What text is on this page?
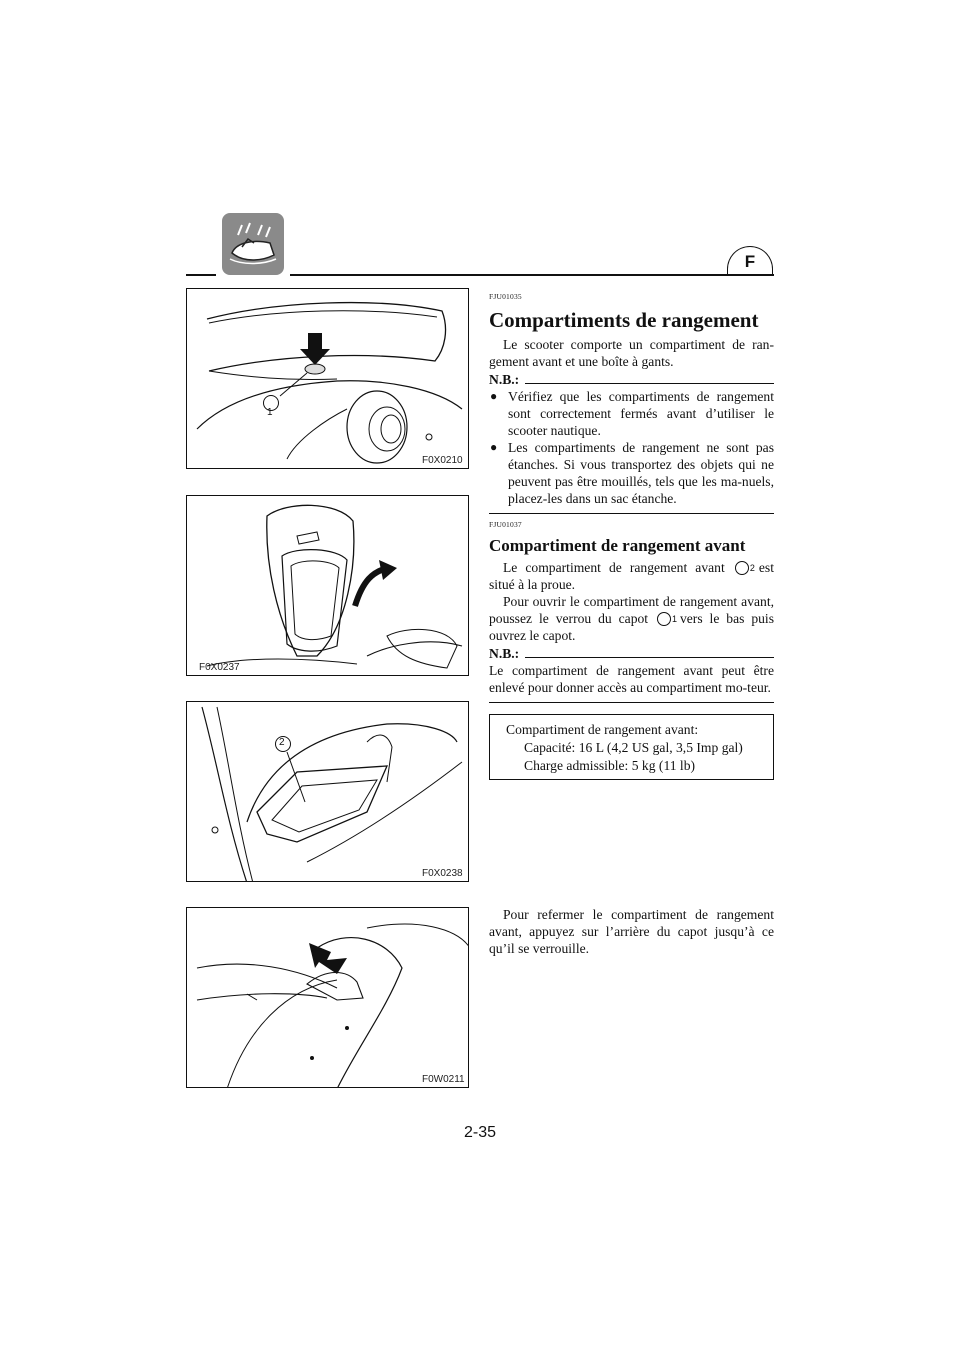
F
1
F0X0210
F0X0237
2
F0X0238
F0W0211
FJU01035
Compartiments de rangement

Le scooter comporte un compartiment de ran-gement avant et une boîte à gants.

N.B.:
● Vérifiez que les compartiments de rangement sont correctement fermés avant d’utiliser le scooter nautique.

● Les compartiments de rangement ne sont pas étanches. Si vous transportez des objets qui ne peuvent pas être mouillés, tels que les ma-nuels, placez-les dans un sac étanche.

FJU01037
Compartiment de rangement avant

Le compartiment de rangement avant	2 est situé à la proue.

Pour ouvrir le compartiment de rangement avant, poussez le verrou du capot	1 vers le bas puis ouvrez le capot.

N.B.:

Le compartiment de rangement avant peut être enlevé pour donner accès au compartiment mo-teur.

Compartiment de rangement avant:
Capacité: 16 L (4,2 US gal, 3,5 Imp gal)
Charge admissible: 5 kg (11 lb)

Pour refermer le compartiment de rangement avant, appuyez sur l’arrière du capot jusqu’à ce qu’il se verrouille.

2-35
